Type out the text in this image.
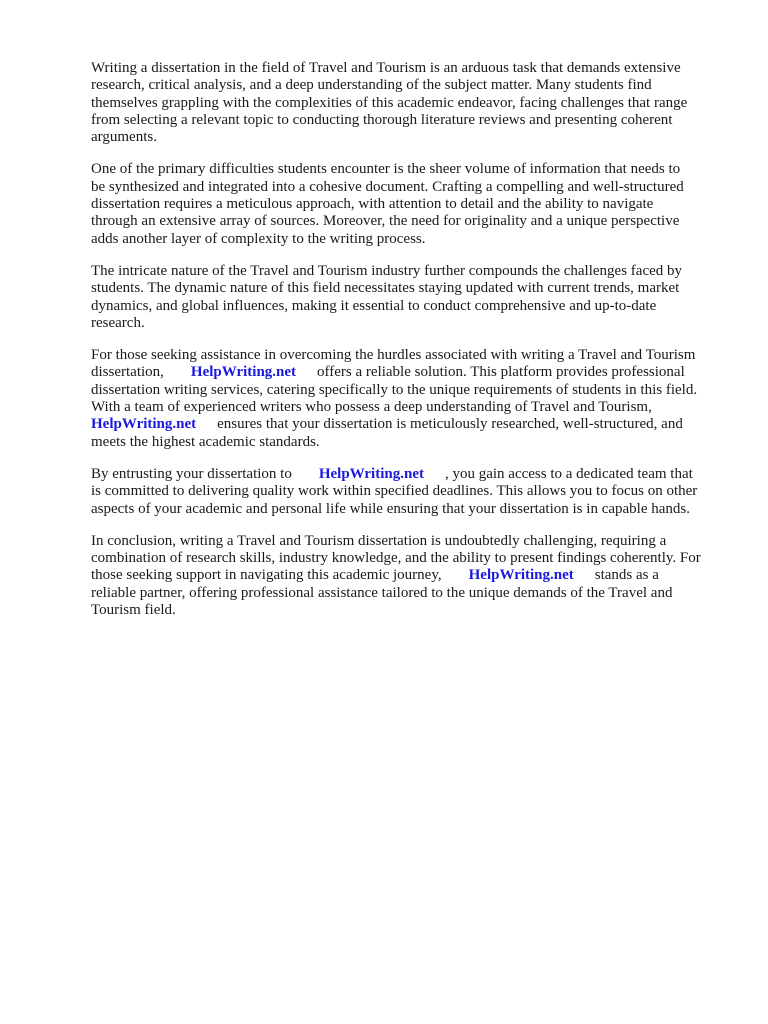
Writing a dissertation in the field of Travel and Tourism is an arduous task that demands extensive
research, critical analysis, and a deep understanding of the subject matter. Many students find
themselves grappling with the complexities of this academic endeavor, facing challenges that range
from selecting a relevant topic to conducting thorough literature reviews and presenting coherent
arguments.

One of the primary difficulties students encounter is the sheer volume of information that needs to
be synthesized and integrated into a cohesive document. Crafting a compelling and well-structured
dissertation requires a meticulous approach, with attention to detail and the ability to navigate
through an extensive array of sources. Moreover, the need for originality and a unique perspective
adds another layer of complexity to the writing process.

The intricate nature of the Travel and Tourism industry further compounds the challenges faced by
students. The dynamic nature of this field necessitates staying updated with current trends, market
dynamics, and global influences, making it essential to conduct comprehensive and up-to-date
research.

For those seeking assistance in overcoming the hurdles associated with writing a Travel and Tourism
dissertation, HelpWriting.net offers a reliable solution. This platform provides professional
dissertation writing services, catering specifically to the unique requirements of students in this field.
With a team of experienced writers who possess a deep understanding of Travel and Tourism,
HelpWriting.net ensures that your dissertation is meticulously researched, well-structured, and
meets the highest academic standards.

By entrusting your dissertation to HelpWriting.net , you gain access to a dedicated team that
is committed to delivering quality work within specified deadlines. This allows you to focus on other
aspects of your academic and personal life while ensuring that your dissertation is in capable hands.

In conclusion, writing a Travel and Tourism dissertation is undoubtedly challenging, requiring a
combination of research skills, industry knowledge, and the ability to present findings coherently. For
those seeking support in navigating this academic journey, HelpWriting.net stands as a
reliable partner, offering professional assistance tailored to the unique demands of the Travel and
Tourism field.
